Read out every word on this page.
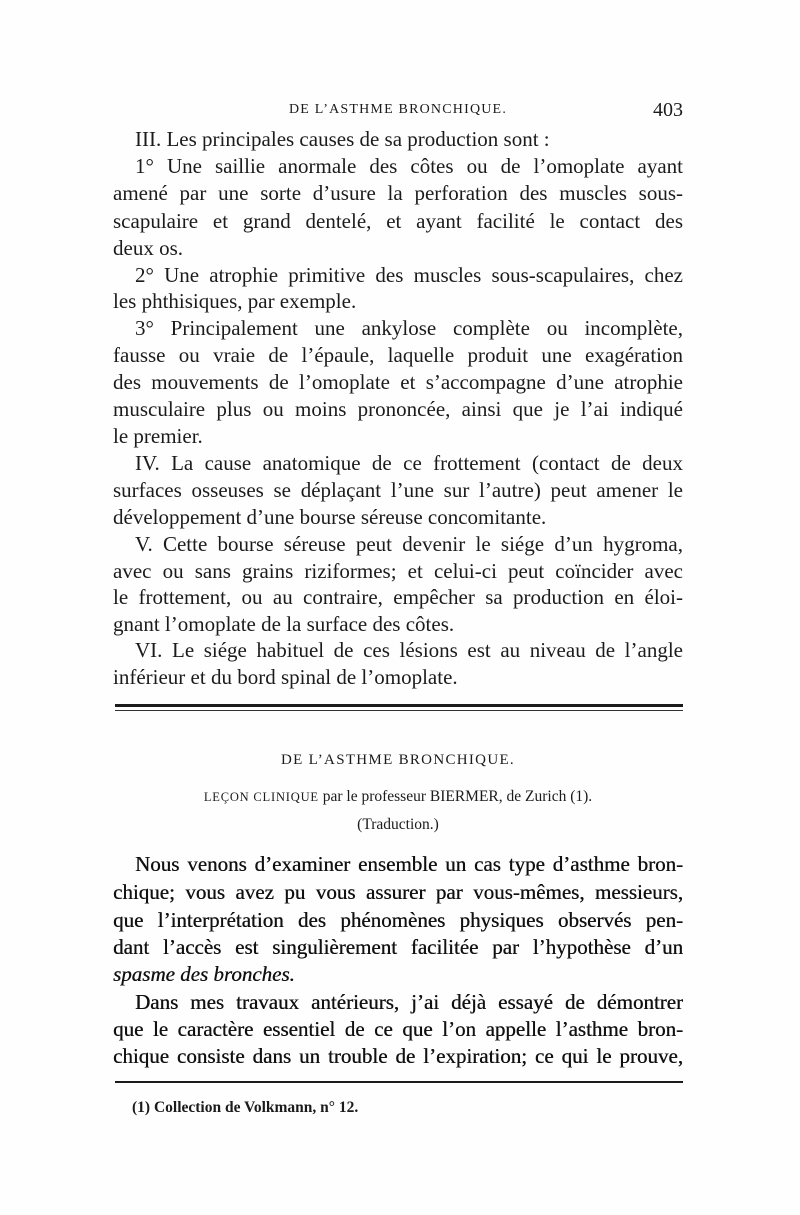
DE L’ASTHME BRONCHIQUE.	403
III. Les principales causes de sa production sont :
1° Une saillie anormale des côtes ou de l’omoplate ayant
amené par une sorte d’usure la perforation des muscles sous-
scapulaire et grand dentelé, et ayant facilité le contact des
deux os.
2° Une atrophie primitive des muscles sous-scapulaires, chez
les phthisiques, par exemple.
3° Principalement une ankylose complète ou incomplète,
fausse ou vraie de l’épaule, laquelle produit une exagération
des mouvements de l’omoplate et s’accompagne d’une atrophie
musculaire plus ou moins prononcée, ainsi que je l’ai indiqué
le premier.
IV. La cause anatomique de ce frottement (contact de deux
surfaces osseuses se déplaçant l’une sur l’autre) peut amener le
développement d’une bourse séreuse concomitante.
V. Cette bourse séreuse peut devenir le siége d’un hygroma,
avec ou sans grains riziformes; et celui-ci peut coïncider avec
le frottement, ou au contraire, empêcher sa production en éloi-
gnant l’omoplate de la surface des côtes.
VI. Le siége habituel de ces lésions est au niveau de l’angle
inférieur et du bord spinal de l’omoplate.
DE L’ASTHME BRONCHIQUE.
LEÇON CLINIQUE par le professeur BIERMER, de Zurich (1).
(Traduction.)
Nous venons d’examiner ensemble un cas type d’asthme bron-
chique; vous avez pu vous assurer par vous-mêmes, messieurs,
que l’interprétation des phénomènes physiques observés pen-
dant l’accès est singulièrement facilitée par l’hypothèse d’un
spasme des bronches.
Dans mes travaux antérieurs, j’ai déjà essayé de démontrer
que le caractère essentiel de ce que l’on appelle l’asthme bron-
chique consiste dans un trouble de l’expiration; ce qui le prouve,
(1) Collection de Volkmann, n° 12.
